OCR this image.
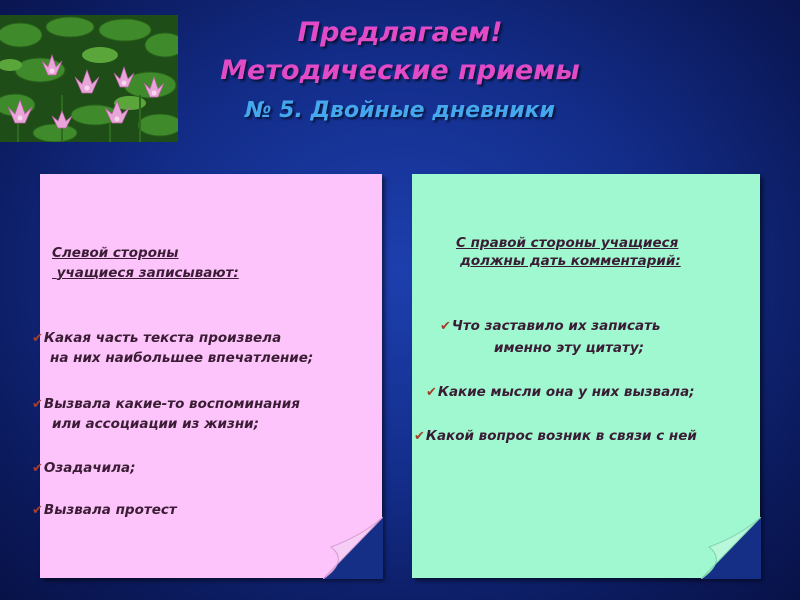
Предлагаем!
Методические приемы
№ 5. Двойные дневники
Слевой стороны
учащиеся записывают:
✔Какая часть текста произвела
на них наибольшее впечатление;
✔Вызвала какие-то воспоминания
или ассоциации из жизни;
✔Озадачила;
✔Вызвала протест
С правой стороны учащиеся
должны дать комментарий:
✔Что заставило их записать
именно эту цитату;
✔Какие мысли она у них вызвала;
✔Какой вопрос возник в связи с ней
